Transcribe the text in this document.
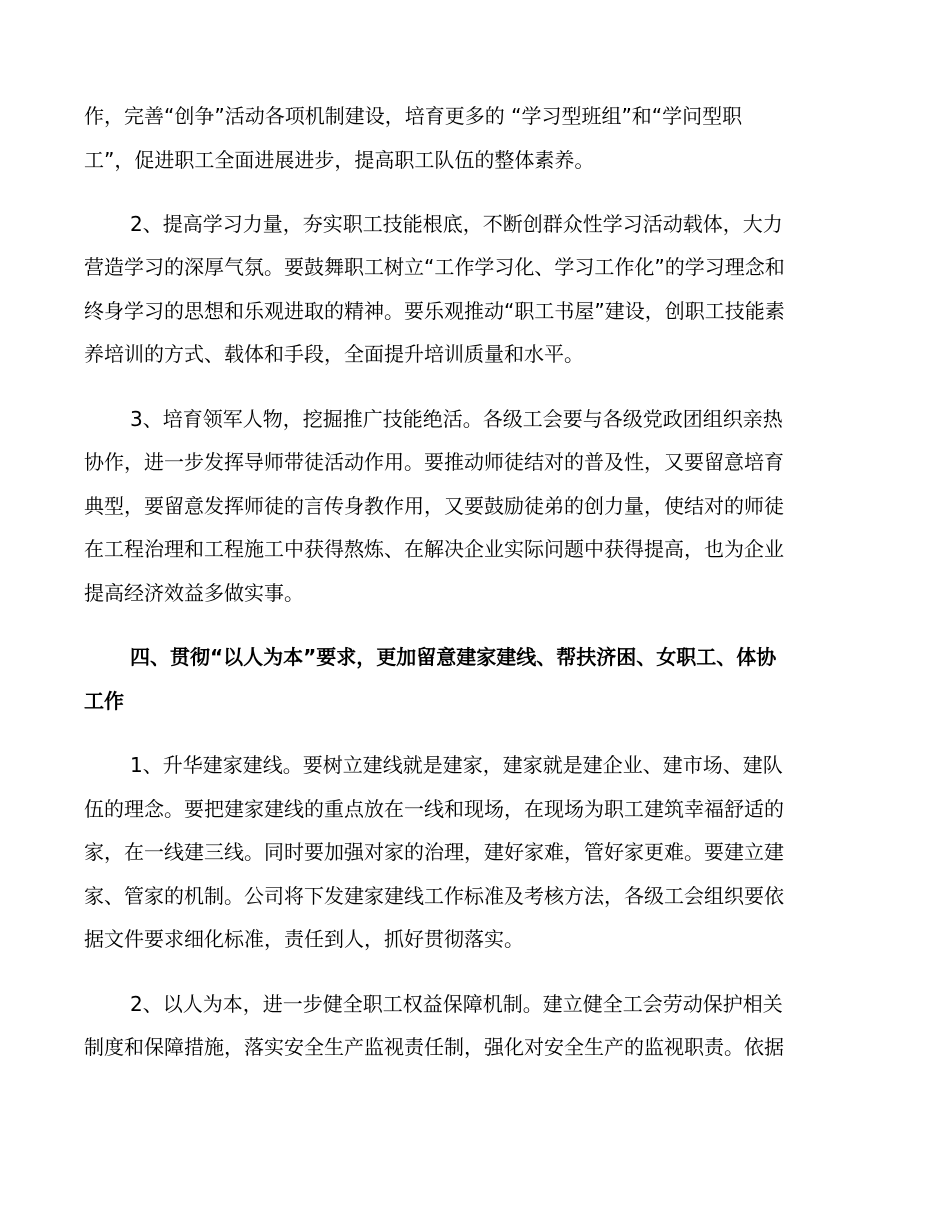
作，完善“创争”活动各项机制建设，培育更多的 “学习型班组”和“学问型职
工”，促进职工全面进展进步，提高职工队伍的整体素养。
2、提高学习力量，夯实职工技能根底，不断创群众性学习活动载体，大力
营造学习的深厚气氛。要鼓舞职工树立“工作学习化、学习工作化”的学习理念和
终身学习的思想和乐观进取的精神。要乐观推动“职工书屋”建设，创职工技能素
养培训的方式、载体和手段，全面提升培训质量和水平。
3、培育领军人物，挖掘推广技能绝活。各级工会要与各级党政团组织亲热
协作，进一步发挥导师带徒活动作用。要推动师徒结对的普及性，又要留意培育
典型，要留意发挥师徒的言传身教作用，又要鼓励徒弟的创力量，使结对的师徒
在工程治理和工程施工中获得熬炼、在解决企业实际问题中获得提高，也为企业
提高经济效益多做实事。
四、贯彻“以人为本”要求，更加留意建家建线、帮扶济困、女职工、体协
工作
1、升华建家建线。要树立建线就是建家，建家就是建企业、建市场、建队
伍的理念。要把建家建线的重点放在一线和现场，在现场为职工建筑幸福舒适的
家，在一线建三线。同时要加强对家的治理，建好家难，管好家更难。要建立建
家、管家的机制。公司将下发建家建线工作标准及考核方法，各级工会组织要依
据文件要求细化标准，责任到人，抓好贯彻落实。
2、以人为本，进一步健全职工权益保障机制。建立健全工会劳动保护相关
制度和保障措施，落实安全生产监视责任制，强化对安全生产的监视职责。依据
